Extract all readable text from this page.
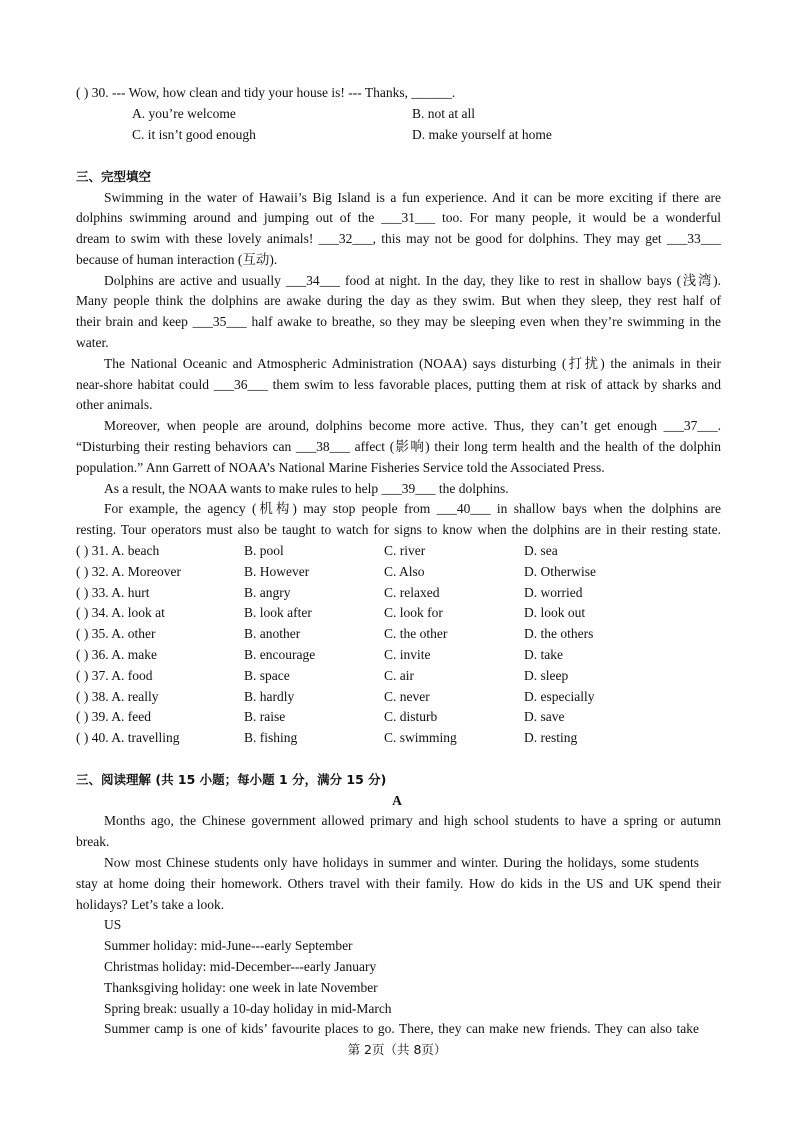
( ) 30. --- Wow, how clean and tidy your house is! --- Thanks, ______.
A. you’re welcome	B. not at all
C. it isn’t good enough	D. make yourself at home
三、完型填空
Swimming in the water of Hawaii’s Big Island is a fun experience. And it can be more exciting if there are
dolphins swimming around and jumping out of the ___31___ too. For many people, it would be a wonderful
dream to swim with these lovely animals! ___32___, this may not be good for dolphins. They may get ___33___
because of human interaction (互动).
Dolphins are active and usually ___34___ food at night. In the day, they like to rest in shallow bays (浅湾).
Many people think the dolphins are awake during the day as they swim. But when they sleep, they rest half of
their brain and keep ___35___ half awake to breathe, so they may be sleeping even when they’re swimming in the
water.
The National Oceanic and Atmospheric Administration (NOAA) says disturbing (打扰) the animals in their
near-shore habitat could ___36___ them swim to less favorable places, putting them at risk of attack by sharks and
other animals.
Moreover, when people are around, dolphins become more active. Thus, they can’t get enough ___37___.
“Disturbing their resting behaviors can ___38___ affect (影响) their long term health and the health of the dolphin
population.” Ann Garrett of NOAA’s National Marine Fisheries Service told the Associated Press.
As a result, the NOAA wants to make rules to help ___39___ the dolphins.
For example, the agency (机构) may stop people from ___40___ in shallow bays when the dolphins are
resting. Tour operators must also be taught to watch for signs to know when the dolphins are in their resting state.
( ) 31. A. beach	B. pool	C. river	D. sea
( ) 32. A. Moreover	B. However	C. Also	D. Otherwise
( ) 33. A. hurt	B. angry	C. relaxed	D. worried
( ) 34. A. look at	B. look after	C. look for	D. look out
( ) 35. A. other	B. another	C. the other	D. the others
( ) 36. A. make	B. encourage	C. invite	D. take
( ) 37. A. food	B. space	C. air	D. sleep
( ) 38. A. really	B. hardly	C. never	D. especially
( ) 39. A. feed	B. raise	C. disturb	D. save
( ) 40. A. travelling	B. fishing	C. swimming	D. resting
三、阅读理解 (共 15 小题；每小题 1 分，满分 15 分)
A
Months ago, the Chinese government allowed primary and high school students to have a spring or autumn
break.
Now most Chinese students only have holidays in summer and winter. During the holidays, some students
stay at home doing their homework. Others travel with their family. How do kids in the US and UK spend their
holidays? Let’s take a look.
US
Summer holiday: mid-June---early September
Christmas holiday: mid-December---early January
Thanksgiving holiday: one week in late November
Spring break: usually a 10-day holiday in mid-March
Summer camp is one of kids’ favourite places to go. There, they can make new friends. They can also take
第 2页（共 8页）
